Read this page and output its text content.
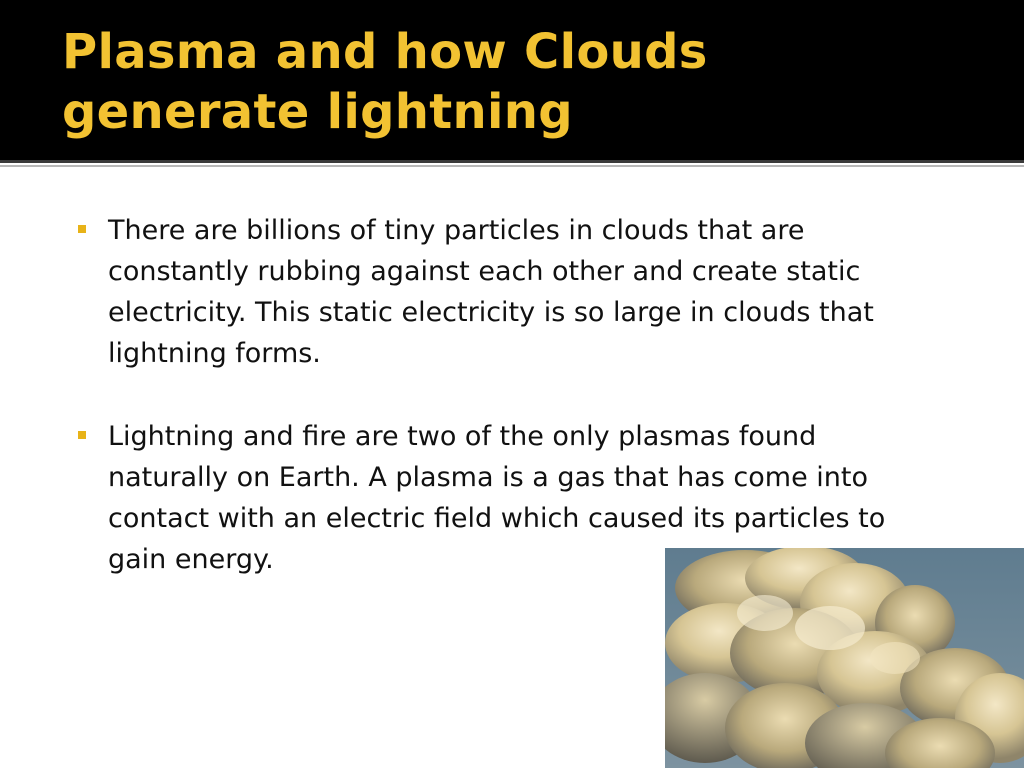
Plasma and how Clouds generate lightning
There are billions of tiny particles in clouds that are constantly rubbing against each other and create static electricity. This static electricity is so large in clouds that lightning forms.
Lightning and fire are two of the only plasmas found naturally on Earth. A plasma is a gas that has come into contact with an electric field which caused its particles to gain energy.
